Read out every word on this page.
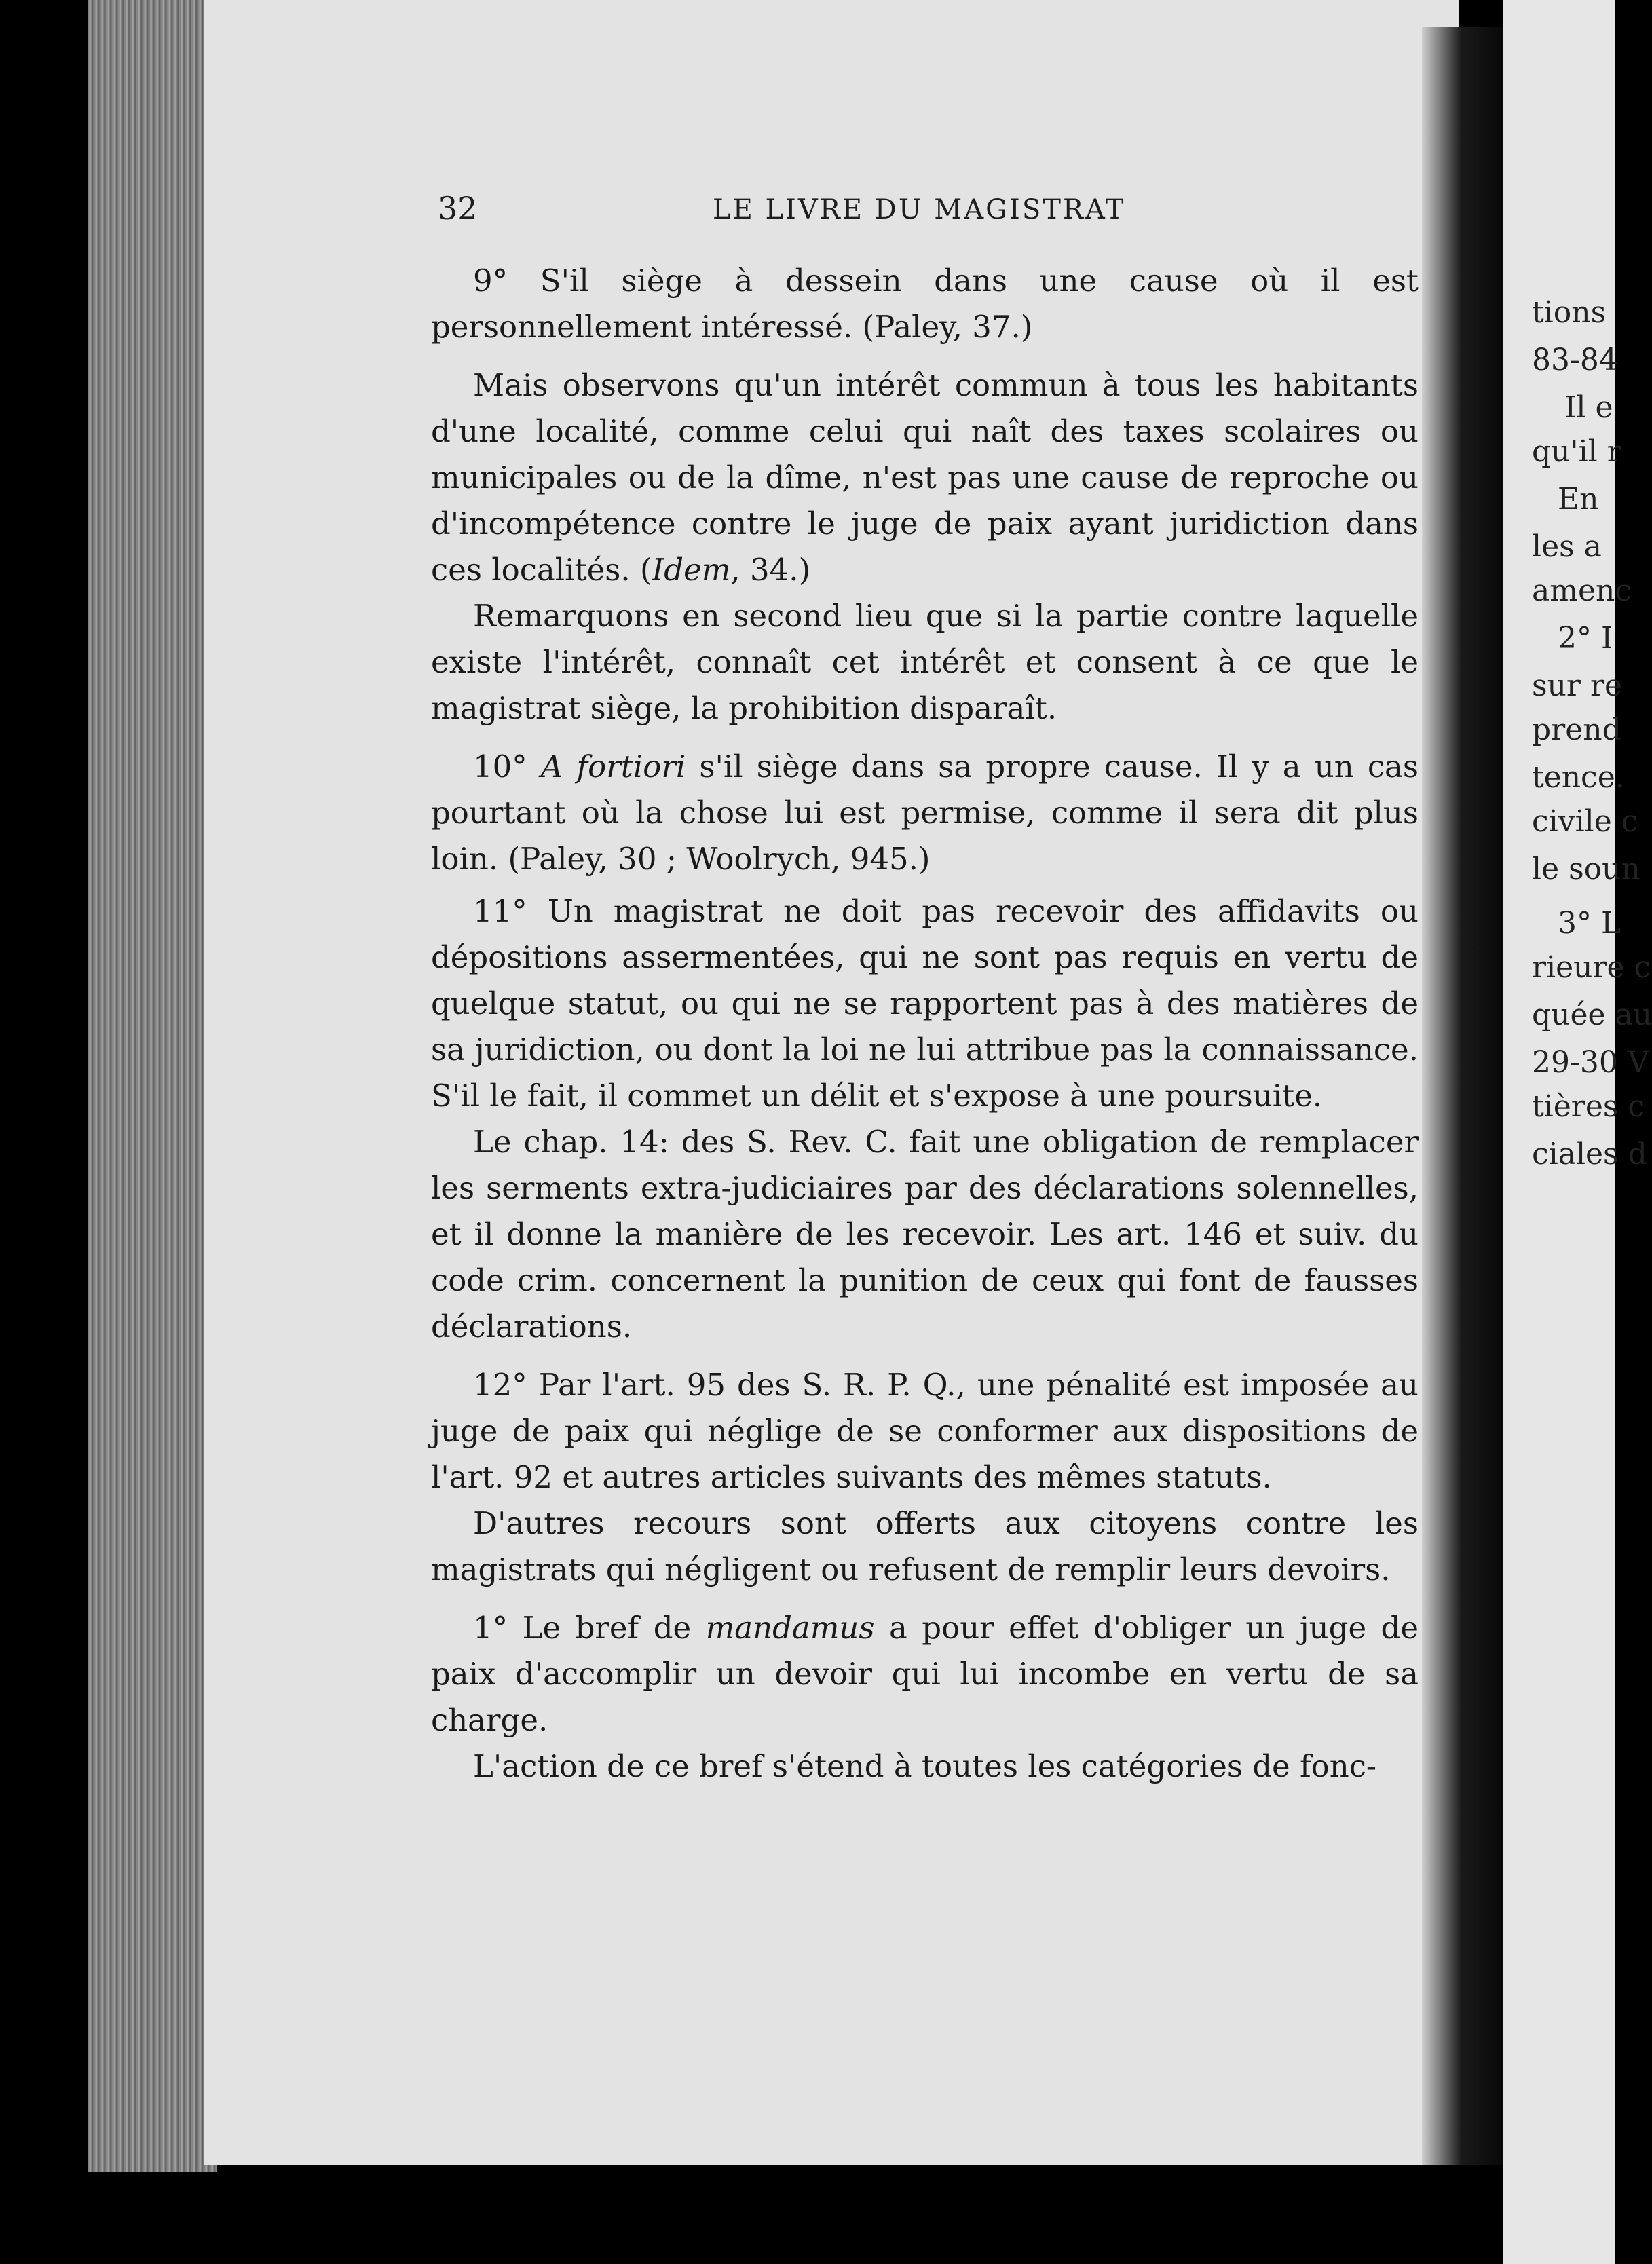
32	LE LIVRE DU MAGISTRAT

9° S'il siège à dessein dans une cause où il est personnellement intéressé. (Paley, 37.)

Mais observons qu'un intérêt commun à tous les habitants d'une localité, comme celui qui naît des taxes scolaires ou municipales ou de la dîme, n'est pas une cause de reproche ou d'incompétence contre le juge de paix ayant juridiction dans ces localités. (Idem, 34.)

Remarquons en second lieu que si la partie contre laquelle existe l'intérêt, connaît cet intérêt et consent à ce que le magistrat siège, la prohibition disparaît.

10° A fortiori s'il siège dans sa propre cause. Il y a un cas pourtant où la chose lui est permise, comme il sera dit plus loin. (Paley, 30 ; Woolrych, 945.)

11° Un magistrat ne doit pas recevoir des affidavits ou dépositions assermentées, qui ne sont pas requis en vertu de quelque statut, ou qui ne se rapportent pas à des matières de sa juridiction, ou dont la loi ne lui attribue pas la connaissance. S'il le fait, il commet un délit et s'expose à une poursuite.

Le chap. 14: des S. Rev. C. fait une obligation de remplacer les serments extra-judiciaires par des déclarations solennelles, et il donne la manière de les recevoir. Les art. 146 et suiv. du code crim. concernent la punition de ceux qui font de fausses déclarations.

12° Par l'art. 95 des S. R. P. Q., une pénalité est imposée au juge de paix qui néglige de se conformer aux dispositions de l'art. 92 et autres articles suivants des mêmes statuts.

D'autres recours sont offerts aux citoyens contre les magistrats qui négligent ou refusent de remplir leurs devoirs.

1° Le bref de mandamus a pour effet d'obliger un juge de paix d'accomplir un devoir qui lui incombe en vertu de sa charge.

L'action de ce bref s'étend à toutes les catégories de fonc-

tions
83-84
Il e
qu'il r
En
les a
amenc
2° I
sur re
prend
tence.
civile c
le soun
3° L
rieure c
quée au
29-30 V
tières c
ciales d
